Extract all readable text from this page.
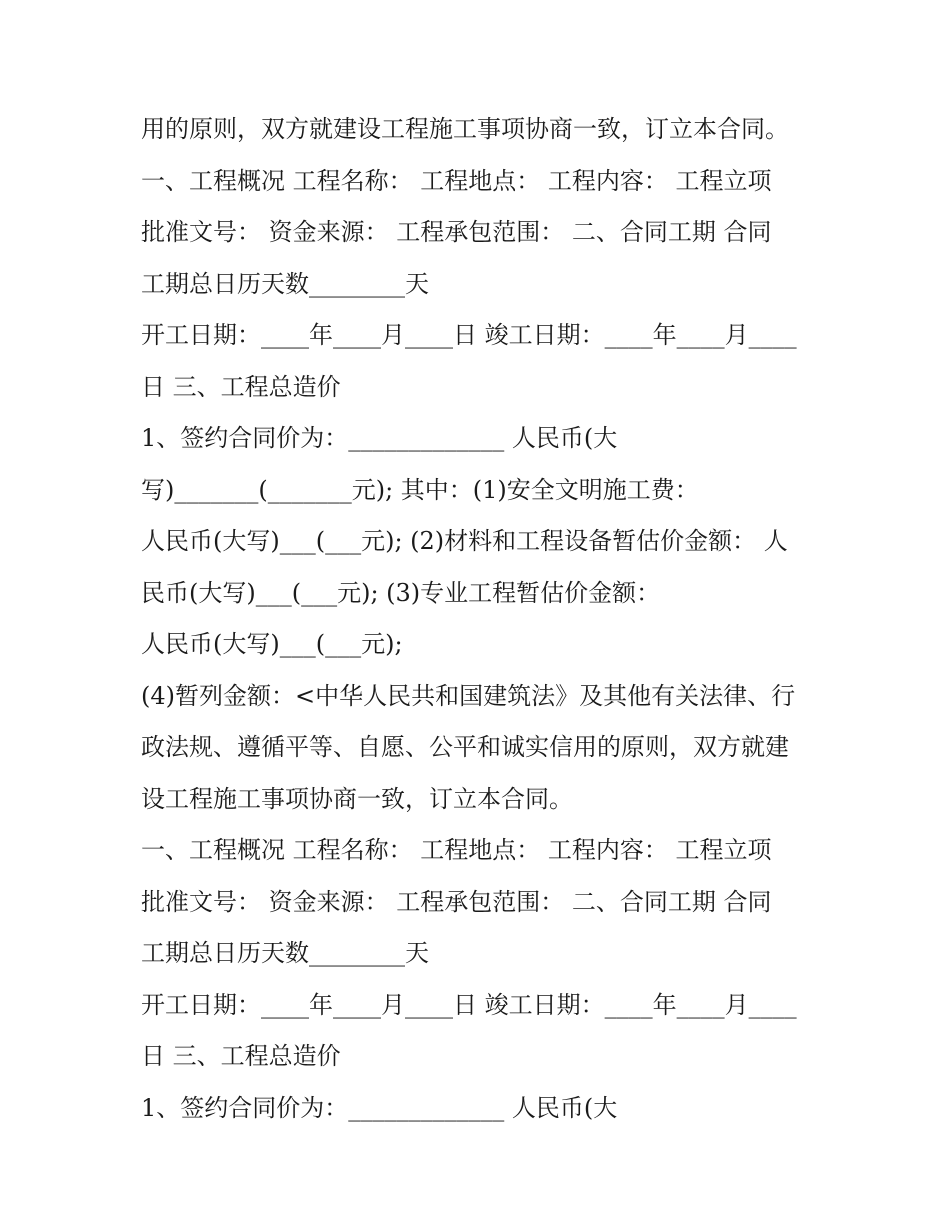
用的原则，双方就建设工程施工事项协商一致，订立本合同。
一、工程概况 工程名称： 工程地点： 工程内容： 工程立项
批准文号： 资金来源： 工程承包范围： 二、合同工期 合同
工期总日历天数________天
开工日期：____年____月____日 竣工日期：____年____月____
日 三、工程总造价
1、签约合同价为：_____________ 人民币(大
写)_______(_______元); 其中：(1)安全文明施工费：
人民币(大写)___(___元); (2)材料和工程设备暂估价金额： 人
民币(大写)___(___元); (3)专业工程暂估价金额：
人民币(大写)___(___元);
(4)暂列金额：<中华人民共和国建筑法》及其他有关法律、行
政法规、遵循平等、自愿、公平和诚实信用的原则，双方就建
设工程施工事项协商一致，订立本合同。
一、工程概况 工程名称： 工程地点： 工程内容： 工程立项
批准文号： 资金来源： 工程承包范围： 二、合同工期 合同
工期总日历天数________天
开工日期：____年____月____日 竣工日期：____年____月____
日 三、工程总造价
1、签约合同价为：_____________ 人民币(大
